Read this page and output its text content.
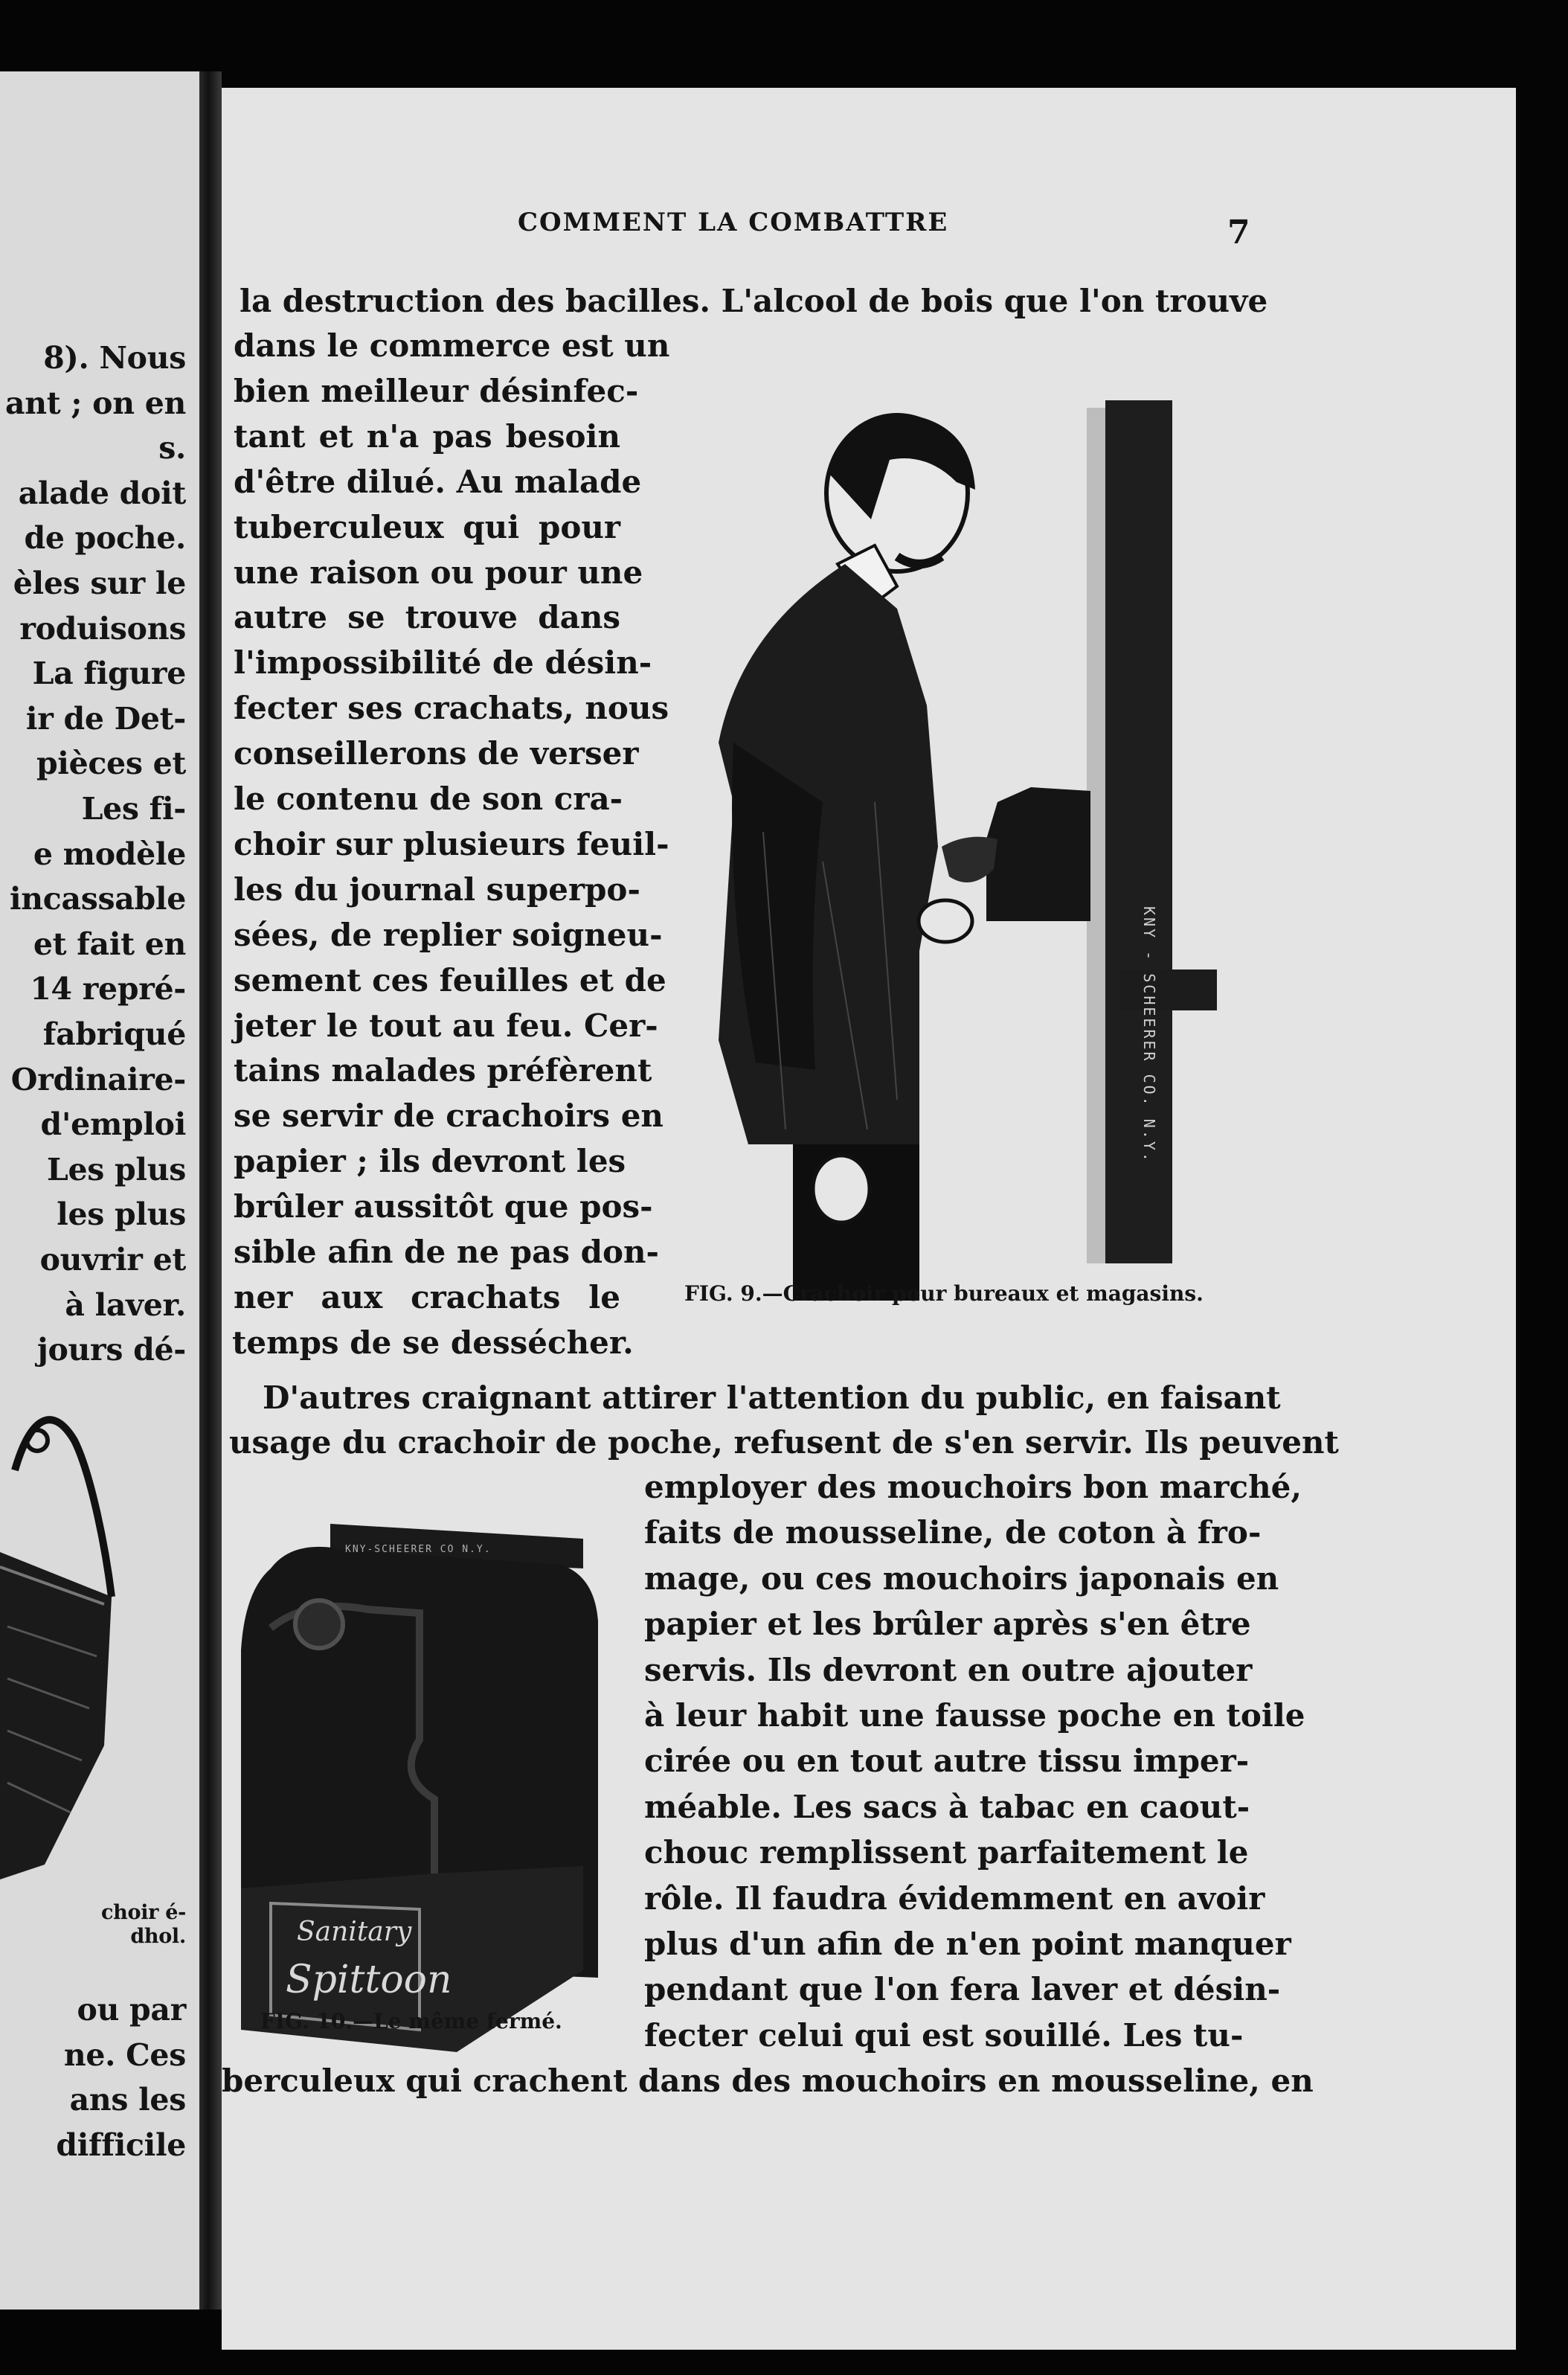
8). Nous
ant ; on en
s.
alade doit
de poche.
èles sur le
roduisons
La figure
ir de Det-
pièces et
Les fi-
e modèle
incassable
et fait en
14 repré-
fabriqué
Ordinaire-
d'emploi
Les plus
les plus
ouvrir et
à laver.
jours dé-
choir é-
dhol.
ou par
ne. Ces
ans les
difficile
COMMENT LA COMBATTRE	7
la destruction des bacilles. L'alcool de bois que l'on trouve
dans le commerce est un
bien meilleur désinfec-
tant et n'a pas besoin
d'être dilué. Au malade
tuberculeux qui pour
une raison ou pour une
autre se trouve dans
l'impossibilité de désin-
fecter ses crachats, nous
conseillerons de verser
le contenu de son cra-
choir sur plusieurs feuil-
les du journal superpo-
sées, de replier soigneu-
sement ces feuilles et de
jeter le tout au feu. Cer-
tains malades préfèrent
se servir de crachoirs en
papier ; ils devront les
brûler aussitôt que pos-
sible afin de ne pas don-
ner aux crachats le
temps de se dessécher.
KNY - SCHEERER CO. N.Y.
FIG. 9.—Crachoir pour bureaux et magasins.
D'autres craignant attirer l'attention du public, en faisant
usage du crachoir de poche, refusent de s'en servir. Ils peuvent
employer des mouchoirs bon marché,
faits de mousseline, de coton à fro-
mage, ou ces mouchoirs japonais en
papier et les brûler après s'en être
servis. Ils devront en outre ajouter
à leur habit une fausse poche en toile
cirée ou en tout autre tissu imper-
méable. Les sacs à tabac en caout-
chouc remplissent parfaitement le
rôle. Il faudra évidemment en avoir
plus d'un afin de n'en point manquer
pendant que l'on fera laver et désin-
fecter celui qui est souillé. Les tu-
berculeux qui crachent dans des mouchoirs en mousseline, en
KNY-SCHEERER CO N.Y.
Sanitary
Spittoon
FIG. 10.—Le même fermé.
